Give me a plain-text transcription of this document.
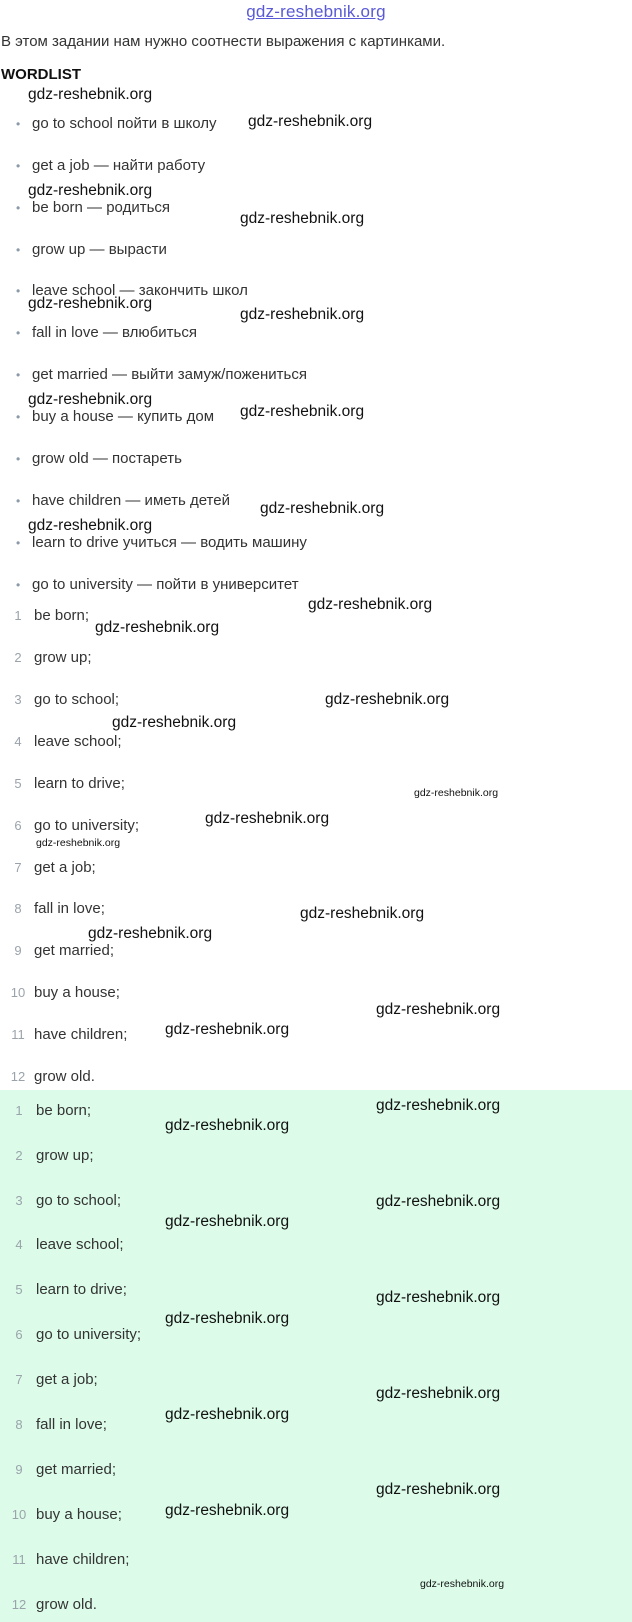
gdz-reshebnik.org
В этом задании нам нужно соотнести выражения с картинками.
WORDLIST
• go to school пойти в школу
• get a job — найти работу
• be born — родиться
• grow up — вырасти
• leave school — закончить школ
• fall in love — влюбиться
• get married — выйти замуж/пожениться
• buy a house — купить дом
• grow old — постареть
• have children — иметь детей
• learn to drive учиться — водить машину
• go to university — пойти в университет
1 be born;
2 grow up;
3 go to school;
4 leave school;
5 learn to drive;
6 go to university;
7 get a job;
8 fall in love;
9 get married;
10 buy a house;
11 have children;
12 grow old.
1 be born;
2 grow up;
3 go to school;
4 leave school;
5 learn to drive;
6 go to university;
7 get a job;
8 fall in love;
9 get married;
10 buy a house;
11 have children;
12 grow old.
gdz-reshebnik.org
gdz-reshebnik.org
gdz-reshebnik.org
gdz-reshebnik.org
gdz-reshebnik.org
gdz-reshebnik.org
gdz-reshebnik.org
gdz-reshebnik.org
gdz-reshebnik.org
gdz-reshebnik.org
gdz-reshebnik.org
gdz-reshebnik.org
gdz-reshebnik.org
gdz-reshebnik.org
gdz-reshebnik.org
gdz-reshebnik.org
gdz-reshebnik.org
gdz-reshebnik.org
gdz-reshebnik.org
gdz-reshebnik.org
gdz-reshebnik.org
gdz-reshebnik.org
gdz-reshebnik.org
gdz-reshebnik.org
gdz-reshebnik.org
gdz-reshebnik.org
gdz-reshebnik.org
gdz-reshebnik.org
gdz-reshebnik.org
gdz-reshebnik.org
gdz-reshebnik.org
gdz-reshebnik.org
